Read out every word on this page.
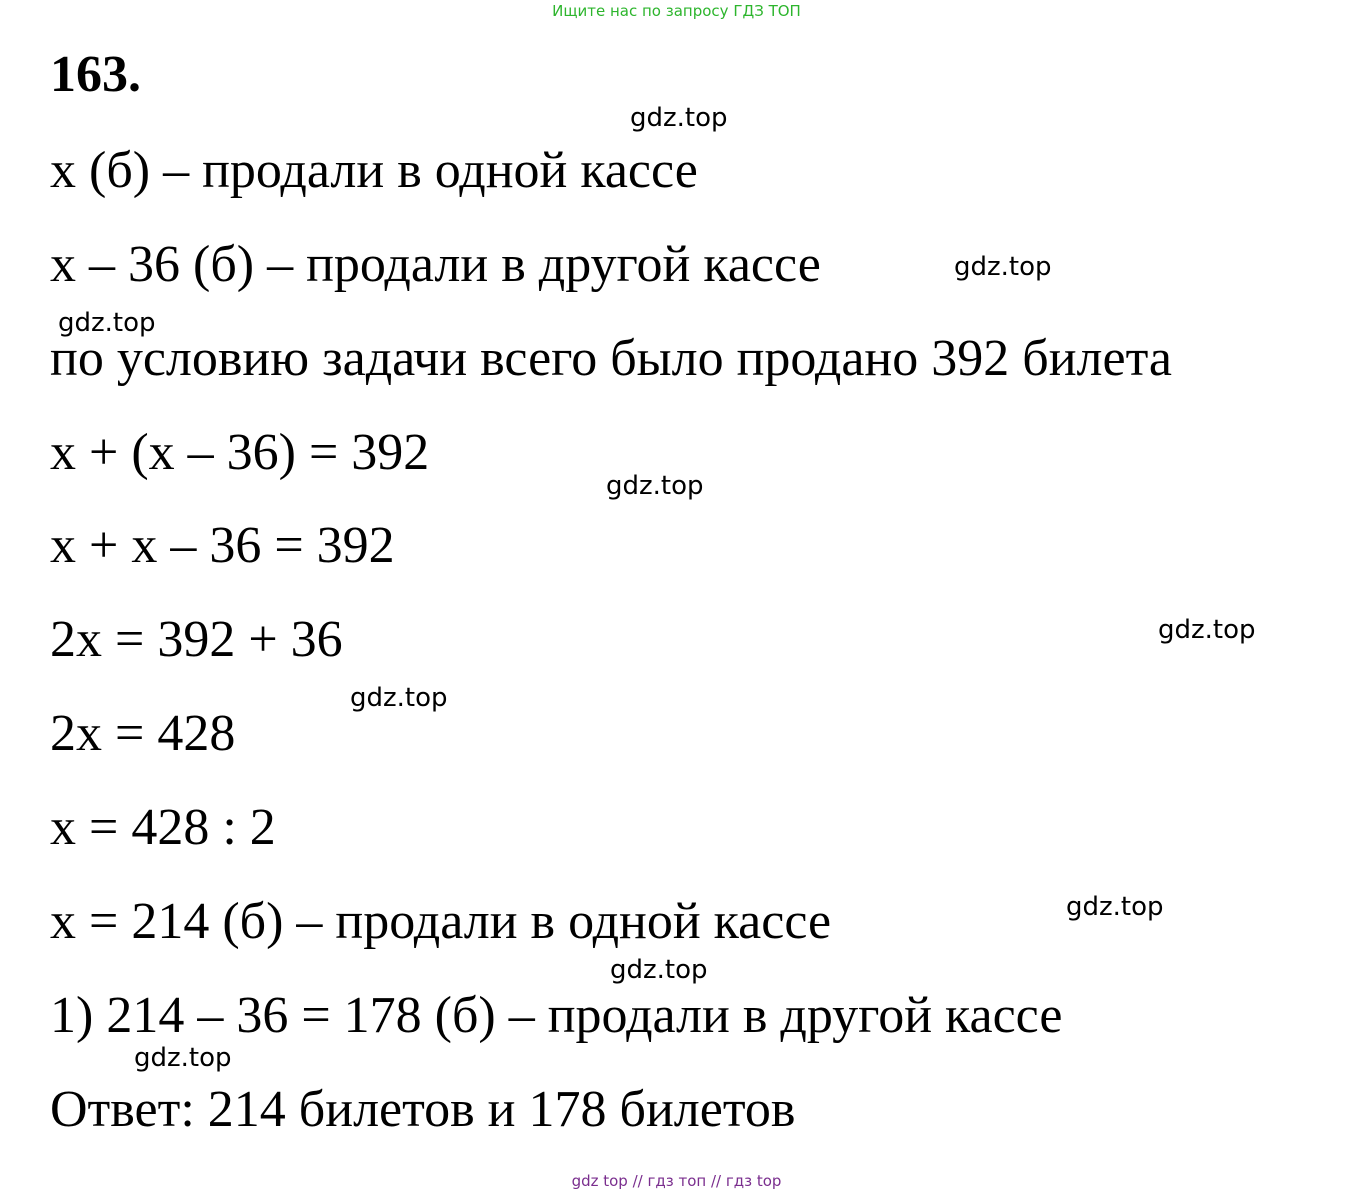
Ищите нас по запросу ГДЗ ТОП
163.
x (б) – продали в одной кассе
x – 36 (б) – продали в другой кассе
по условию задачи всего было продано 392 билета
x + (x – 36) = 392
x + x – 36 = 392
2x = 392 + 36
2x = 428
x = 428 : 2
x = 214 (б) – продали в одной кассе
1) 214 – 36 = 178 (б) – продали в другой кассе
Ответ: 214 билетов и 178 билетов
gdz.top
gdz.top
gdz.top
gdz.top
gdz.top
gdz.top
gdz.top
gdz.top
gdz.top
gdz top // гдз топ // гдз top
